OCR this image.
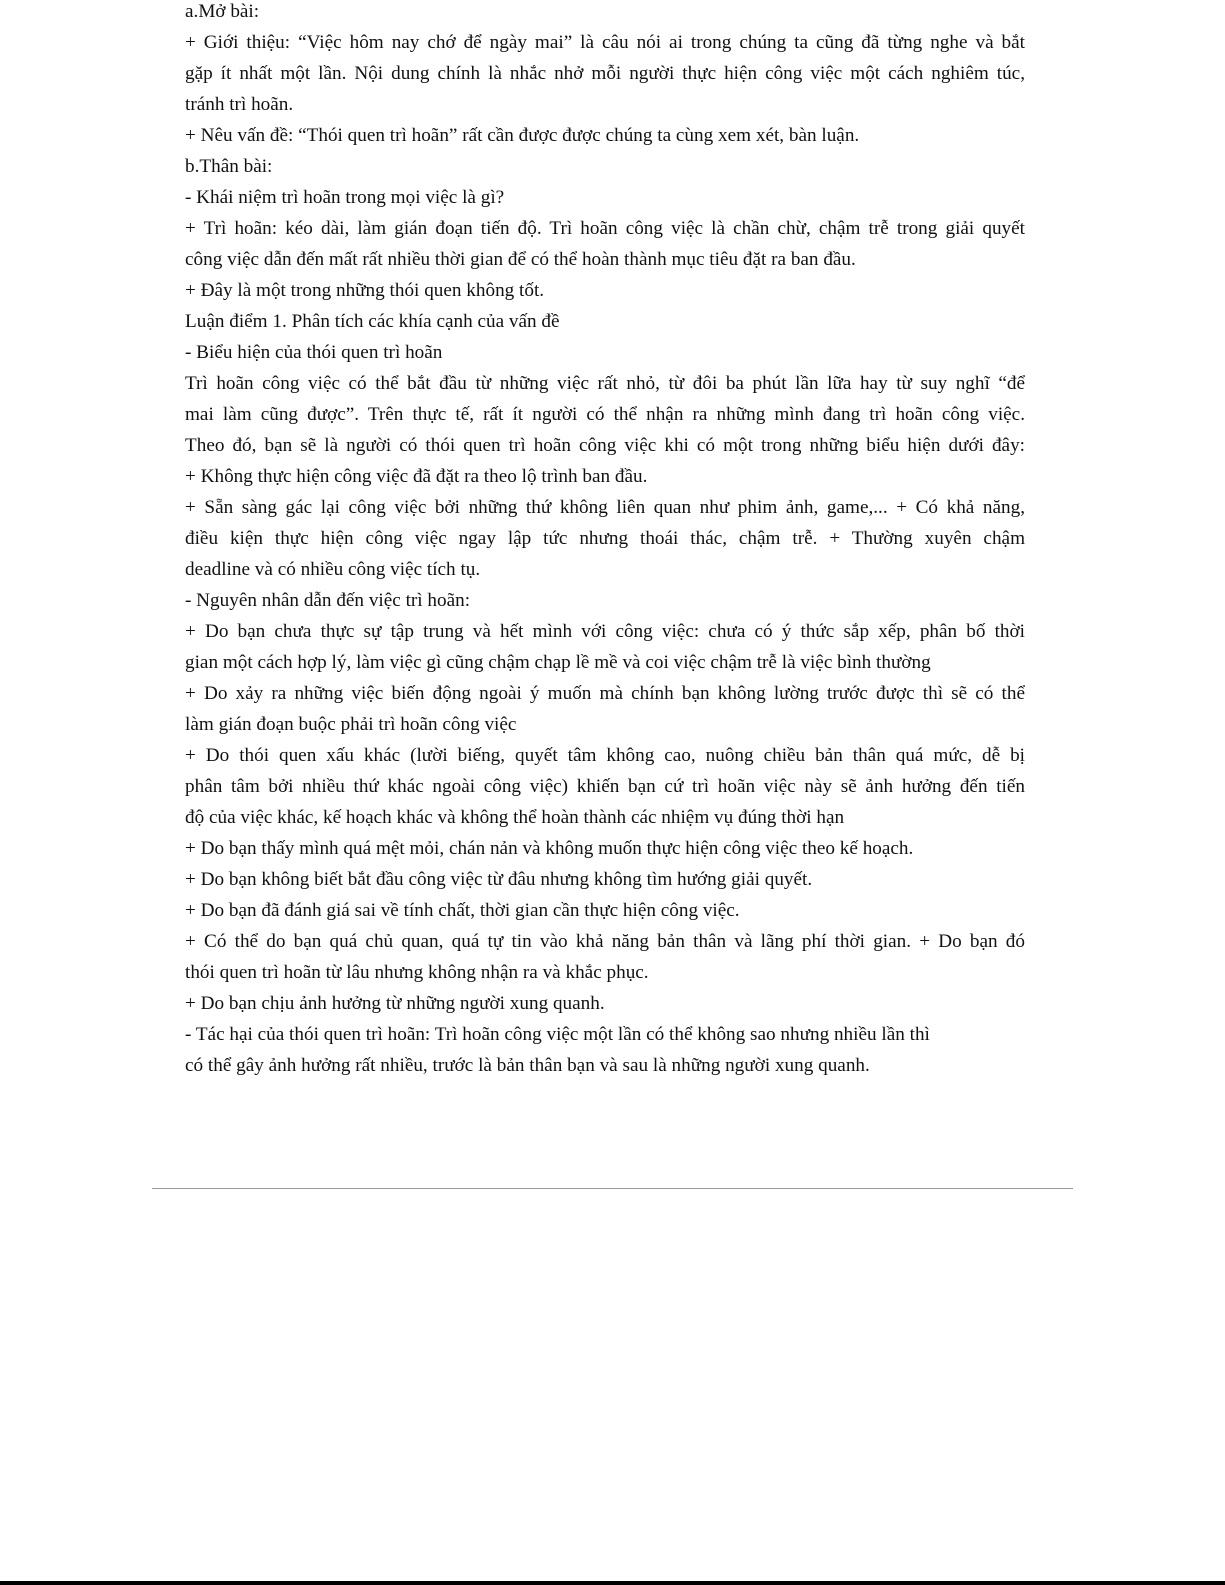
a.Mở bài:

+ Giới thiệu: “Việc hôm nay chớ để ngày mai” là câu nói ai trong chúng ta cũng đã từng nghe và bắt

gặp ít nhất một lần. Nội dung chính là nhắc nhở mỗi người thực hiện công việc một cách nghiêm túc,

tránh trì hoãn.

+ Nêu vấn đề: “Thói quen trì hoãn” rất cần được được chúng ta cùng xem xét, bàn luận.

b.Thân bài:

- Khái niệm trì hoãn trong mọi việc là gì?

+ Trì hoãn: kéo dài, làm gián đoạn tiến độ. Trì hoãn công việc là chần chừ, chậm trễ trong giải quyết

công việc dẫn đến mất rất nhiều thời gian để có thể hoàn thành mục tiêu đặt ra ban đầu.

+ Đây là một trong những thói quen không tốt.

Luận điểm 1. Phân tích các khía cạnh của vấn đề

- Biểu hiện của thói quen trì hoãn

Trì hoãn công việc có thể bắt đầu từ những việc rất nhỏ, từ đôi ba phút lần lữa hay từ suy nghĩ “để

mai làm cũng được”. Trên thực tế, rất ít người có thể nhận ra những mình đang trì hoãn công việc.

Theo đó, bạn sẽ là người có thói quen trì hoãn công việc khi có một trong những biểu hiện dưới đây:

+ Không thực hiện công việc đã đặt ra theo lộ trình ban đầu.

+ Sẵn sàng gác lại công việc bởi những thứ không liên quan như phim ảnh, game,... + Có khả năng,

điều kiện thực hiện công việc ngay lập tức nhưng thoái thác, chậm trễ. + Thường xuyên chậm

deadline và có nhiều công việc tích tụ.

- Nguyên nhân dẫn đến việc trì hoãn:

+ Do bạn chưa thực sự tập trung và hết mình với công việc: chưa có ý thức sắp xếp, phân bố thời

gian một cách hợp lý, làm việc gì cũng chậm chạp lề mề và coi việc chậm trễ là việc bình thường

+ Do xảy ra những việc biến động ngoài ý muốn mà chính bạn không lường trước được thì sẽ có thể

làm gián đoạn buộc phải trì hoãn công việc

+ Do thói quen xấu khác (lười biếng, quyết tâm không cao, nuông chiều bản thân quá mức, dễ bị

phân tâm bởi nhiều thứ khác ngoài công việc) khiến bạn cứ trì hoãn việc này sẽ ảnh hưởng đến tiến

độ của việc khác, kế hoạch khác và không thể hoàn thành các nhiệm vụ đúng thời hạn

+ Do bạn thấy mình quá mệt mỏi, chán nản và không muốn thực hiện công việc theo kế hoạch.

+ Do bạn không biết bắt đầu công việc từ đâu nhưng không tìm hướng giải quyết.

+ Do bạn đã đánh giá sai về tính chất, thời gian cần thực hiện công việc.

+ Có thể do bạn quá chủ quan, quá tự tin vào khả năng bản thân và lãng phí thời gian. + Do bạn đó

thói quen trì hoãn từ lâu nhưng không nhận ra và khắc phục.

+ Do bạn chịu ảnh hưởng từ những người xung quanh.

- Tác hại của thói quen trì hoãn: Trì hoãn công việc một lần có thể không sao nhưng nhiều lần thì

có thể gây ảnh hưởng rất nhiều, trước là bản thân bạn và sau là những người xung quanh.
